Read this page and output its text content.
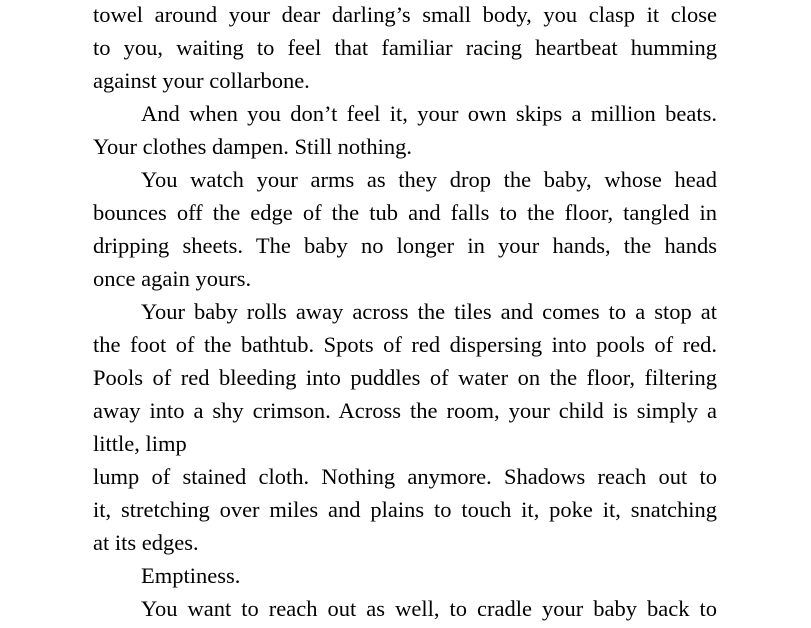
towel around your dear darling’s small body, you clasp it close
to you, waiting to feel that familiar racing heartbeat humming
against your collarbone.
And when you don’t feel it, your own skips a million beats.
Your clothes dampen. Still nothing.
You watch your arms as they drop the baby, whose head
bounces off the edge of the tub and falls to the floor, tangled in
dripping sheets. The baby no longer in your hands, the hands
once again yours.
Your baby rolls away across the tiles and comes to a stop at
the foot of the bathtub. Spots of red dispersing into pools of red.
Pools of red bleeding into puddles of water on the floor, filtering
away into a shy crimson. Across the room, your child is simply a
little, limp
lump of stained cloth. Nothing anymore. Shadows reach out to
it, stretching over miles and plains to touch it, poke it, snatching
at its edges.
Emptiness.
You want to reach out as well, to cradle your baby back to
